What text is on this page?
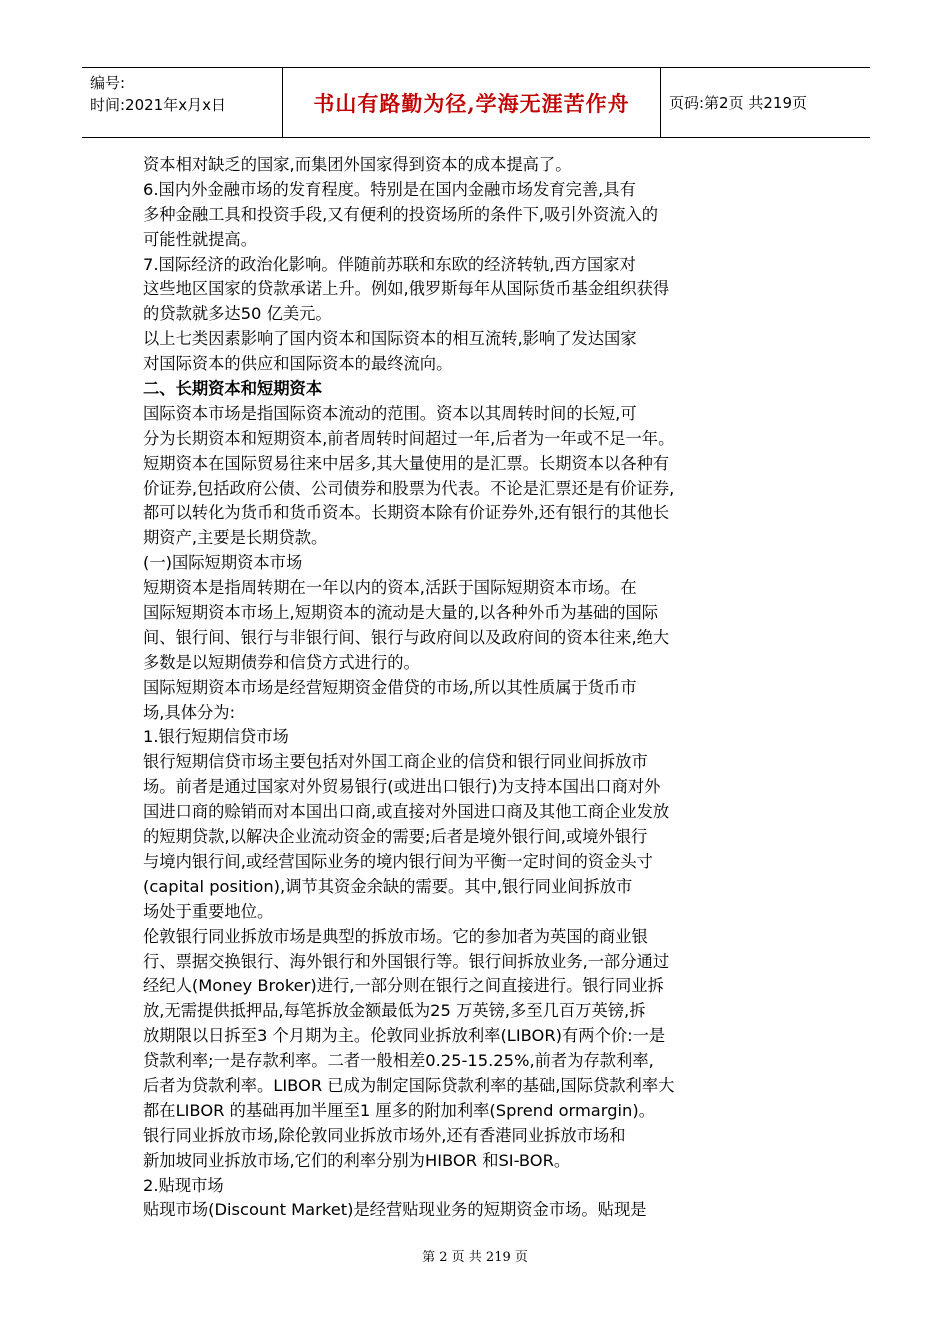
编号:
时间:2021年x月x日	书山有路勤为径,学海无涯苦作舟	页码:第2页 共219页
资本相对缺乏的国家,而集团外国家得到资本的成本提高了。
6.国内外金融市场的发育程度。特别是在国内金融市场发育完善,具有
多种金融工具和投资手段,又有便利的投资场所的条件下,吸引外资流入的
可能性就提高。
7.国际经济的政治化影响。伴随前苏联和东欧的经济转轨,西方国家对
这些地区国家的贷款承诺上升。例如,俄罗斯每年从国际货币基金组织获得
的贷款就多达50 亿美元。
以上七类因素影响了国内资本和国际资本的相互流转,影响了发达国家
对国际资本的供应和国际资本的最终流向。
二、长期资本和短期资本
国际资本市场是指国际资本流动的范围。资本以其周转时间的长短,可
分为长期资本和短期资本,前者周转时间超过一年,后者为一年或不足一年。
短期资本在国际贸易往来中居多,其大量使用的是汇票。长期资本以各种有
价证券,包括政府公债、公司债券和股票为代表。不论是汇票还是有价证券,
都可以转化为货币和货币资本。长期资本除有价证券外,还有银行的其他长
期资产,主要是长期贷款。
(一)国际短期资本市场
短期资本是指周转期在一年以内的资本,活跃于国际短期资本市场。在
国际短期资本市场上,短期资本的流动是大量的,以各种外币为基础的国际
间、银行间、银行与非银行间、银行与政府间以及政府间的资本往来,绝大
多数是以短期债券和信贷方式进行的。
国际短期资本市场是经营短期资金借贷的市场,所以其性质属于货币市
场,具体分为:
1.银行短期信贷市场
银行短期信贷市场主要包括对外国工商企业的信贷和银行同业间拆放市
场。前者是通过国家对外贸易银行(或进出口银行)为支持本国出口商对外
国进口商的赊销而对本国出口商,或直接对外国进口商及其他工商企业发放
的短期贷款,以解决企业流动资金的需要;后者是境外银行间,或境外银行
与境内银行间,或经营国际业务的境内银行间为平衡一定时间的资金头寸
(capital position),调节其资金余缺的需要。其中,银行同业间拆放市
场处于重要地位。
伦敦银行同业拆放市场是典型的拆放市场。它的参加者为英国的商业银
行、票据交换银行、海外银行和外国银行等。银行间拆放业务,一部分通过
经纪人(Money Broker)进行,一部分则在银行之间直接进行。银行同业拆
放,无需提供抵押品,每笔拆放金额最低为25 万英镑,多至几百万英镑,拆
放期限以日拆至3 个月期为主。伦敦同业拆放利率(LIBOR)有两个价:一是
贷款利率;一是存款利率。二者一般相差0.25-15.25%,前者为存款利率,
后者为贷款利率。LIBOR 已成为制定国际贷款利率的基础,国际贷款利率大
都在LIBOR 的基础再加半厘至1 厘多的附加利率(Sprend ormargin)。
银行同业拆放市场,除伦敦同业拆放市场外,还有香港同业拆放市场和
新加坡同业拆放市场,它们的利率分别为HIBOR 和SI-BOR。
2.贴现市场
贴现市场(Discount Market)是经营贴现业务的短期资金市场。贴现是
第 2 页 共 219 页
